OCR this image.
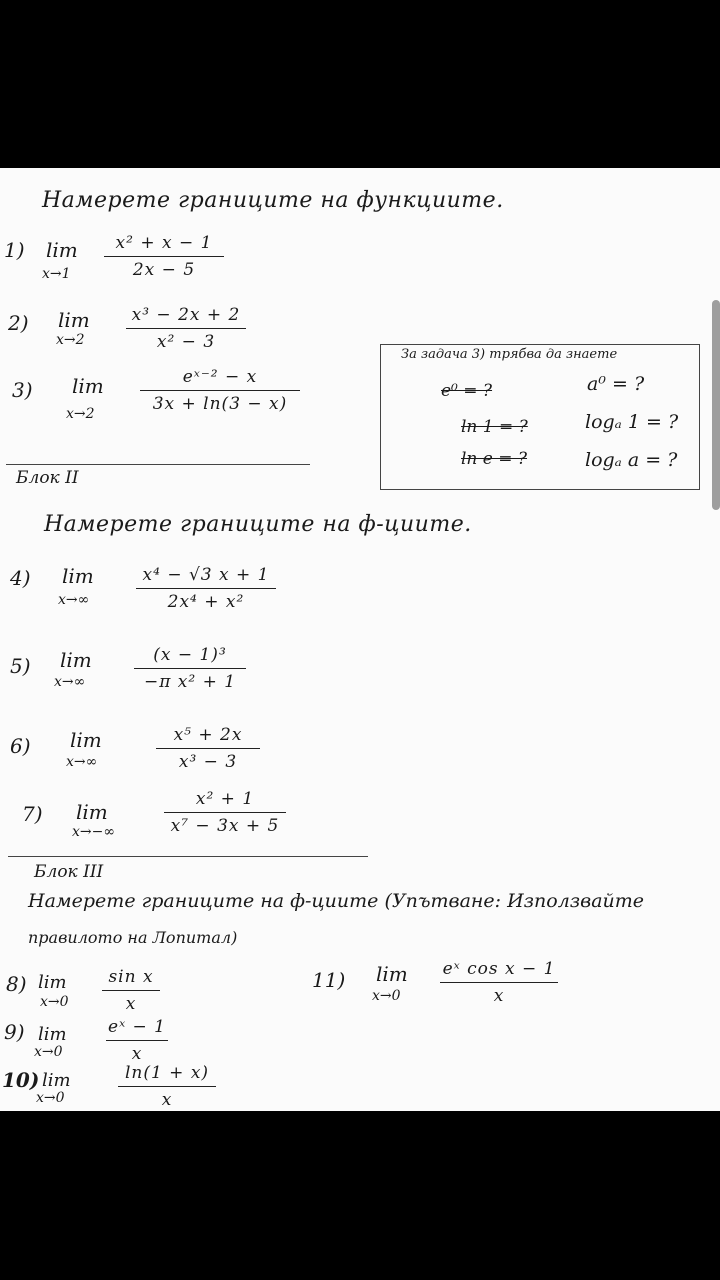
Намерете границите на функциите.
1) lim
x→1
x² + x − 1
2x − 5
2) lim
x→2
x³ − 2x + 2
x² − 3
3) lim
x→2
eˣ⁻² − x
3x + ln(3 − x)
За задача 3) трябва да знаете
e⁰ = ?
ln 1 = ?
ln e = ?
a⁰ = ?
logₐ 1 = ?
logₐ a = ?
Блок II
Намерете границите на ф-циите.
4) lim
x→∞
x⁴ − √3 x + 1
2x⁴ + x²
5) lim
x→∞
(x − 1)³
−π x² + 1
6) lim
x→∞
x⁵ + 2x
x³ − 3
7) lim
x→−∞
x² + 1
x⁷ − 3x + 5
Блок III
Намерете границите на ф-циите (Упътване: Използвайте
правилото на Лопитал)
8) lim
x→0
sin x
x
9) lim
x→0
eˣ − 1
x
10) lim
x→0
ln(1 + x)
x
11) lim
x→0
eˣ cos x − 1
x
